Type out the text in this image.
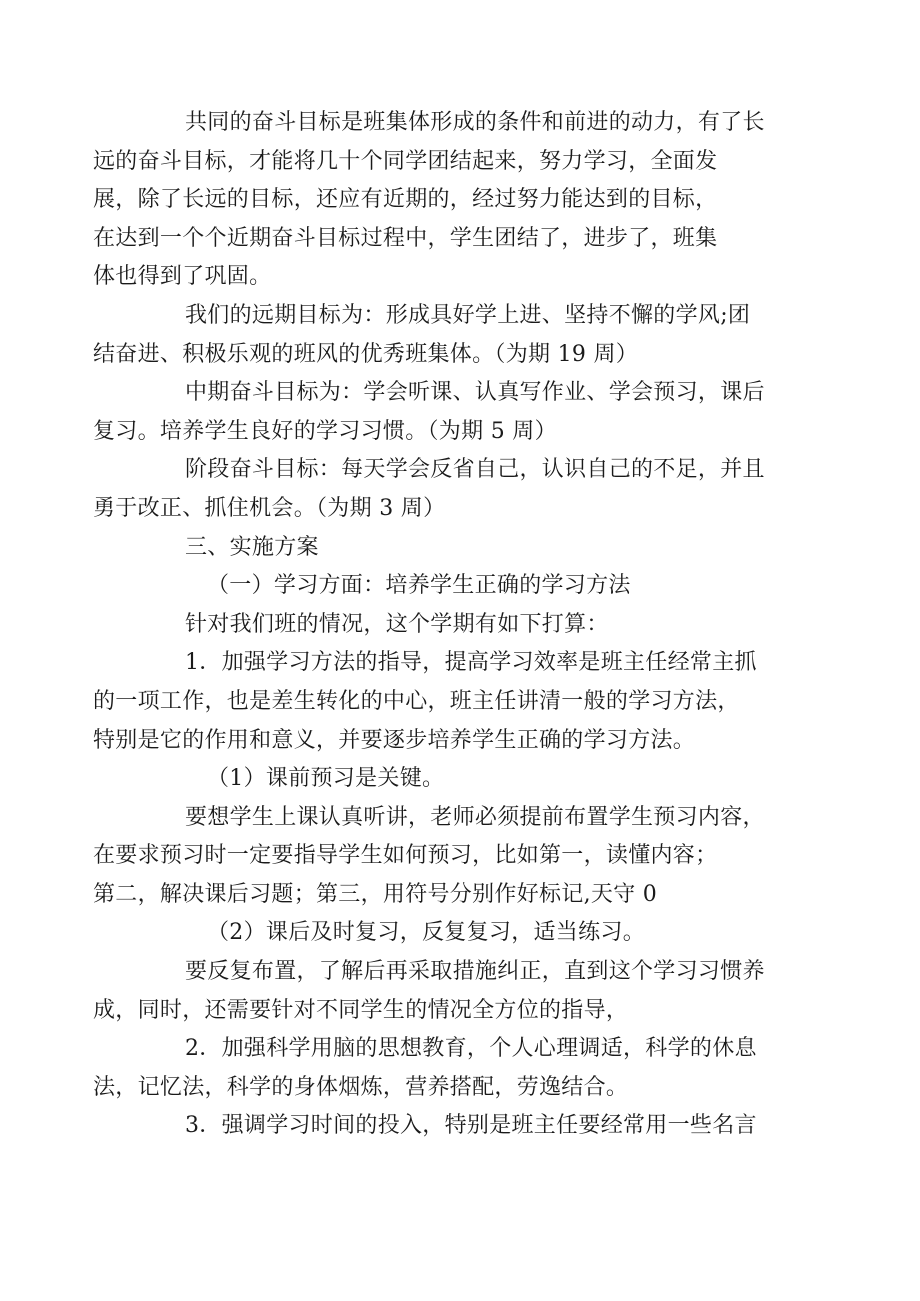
共同的奋斗目标是班集体形成的条件和前进的动力，有了长
远的奋斗目标，才能将几十个同学团结起来，努力学习，全面发
展，除了长远的目标，还应有近期的，经过努力能达到的目标，
在达到一个个近期奋斗目标过程中，学生团结了，进步了，班集
体也得到了巩固。
我们的远期目标为：形成具好学上进、坚持不懈的学风;团
结奋进、积极乐观的班风的优秀班集体。（为期 19 周）
中期奋斗目标为：学会听课、认真写作业、学会预习，课后
复习。培养学生良好的学习习惯。（为期 5 周）
阶段奋斗目标：每天学会反省自己，认识自己的不足，并且
勇于改正、抓住机会。（为期 3 周）
三、实施方案
（一）学习方面：培养学生正确的学习方法
针对我们班的情况，这个学期有如下打算：
1．加强学习方法的指导，提高学习效率是班主任经常主抓
的一项工作，也是差生转化的中心，班主任讲清一般的学习方法，
特别是它的作用和意义，并要逐步培养学生正确的学习方法。
（1）课前预习是关键。
要想学生上课认真听讲，老师必须提前布置学生预习内容，
在要求预习时一定要指导学生如何预习，比如第一，读懂内容；
第二，解决课后习题；第三，用符号分别作好标记,天守 0
（2）课后及时复习，反复复习，适当练习。
要反复布置，了解后再采取措施纠正，直到这个学习习惯养
成，同时，还需要针对不同学生的情况全方位的指导，
2．加强科学用脑的思想教育，个人心理调适，科学的休息
法，记忆法，科学的身体烟炼，营养搭配，劳逸结合。
3．强调学习时间的投入，特别是班主任要经常用一些名言
